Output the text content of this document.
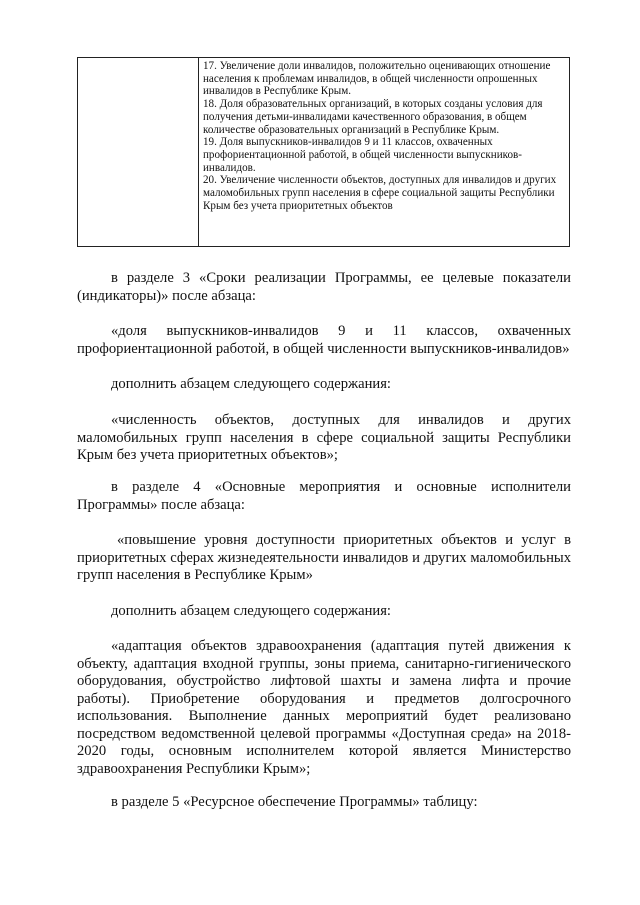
17. Увеличение доли инвалидов, положительно оценивающих отношение населения к проблемам инвалидов, в общей численности опрошенных инвалидов в Республике Крым.
18. Доля образовательных организаций, в которых созданы условия для получения детьми-инвалидами качественного образования, в общем количестве образовательных организаций в Республике Крым.
19. Доля выпускников-инвалидов 9 и 11 классов, охваченных профориентационной работой, в общей численности выпускников-инвалидов.
20. Увеличение численности объектов, доступных для инвалидов и других маломобильных групп населения в сфере социальной защиты Республики Крым без учета приоритетных объектов
в разделе 3 «Сроки реализации Программы, ее целевые показатели (индикаторы)» после абзаца:
«доля выпускников-инвалидов 9 и 11 классов, охваченных профориентационной работой, в общей численности выпускников-инвалидов»
дополнить абзацем следующего содержания:
«численность объектов, доступных для инвалидов и других маломобильных групп населения в сфере социальной защиты Республики Крым без учета приоритетных объектов»;
в разделе 4 «Основные мероприятия и основные исполнители Программы» после абзаца:
«повышение уровня доступности приоритетных объектов и услуг в приоритетных сферах жизнедеятельности инвалидов и других маломобильных групп населения в Республике Крым»
дополнить абзацем следующего содержания:
«адаптация объектов здравоохранения (адаптация путей движения к объекту, адаптация входной группы, зоны приема, санитарно-гигиенического оборудования, обустройство лифтовой шахты и замена лифта и прочие работы). Приобретение оборудования и предметов долгосрочного использования. Выполнение данных мероприятий будет реализовано посредством ведомственной целевой программы «Доступная среда» на 2018-2020 годы, основным исполнителем которой является Министерство здравоохранения Республики Крым»;
в разделе 5 «Ресурсное обеспечение Программы» таблицу:
